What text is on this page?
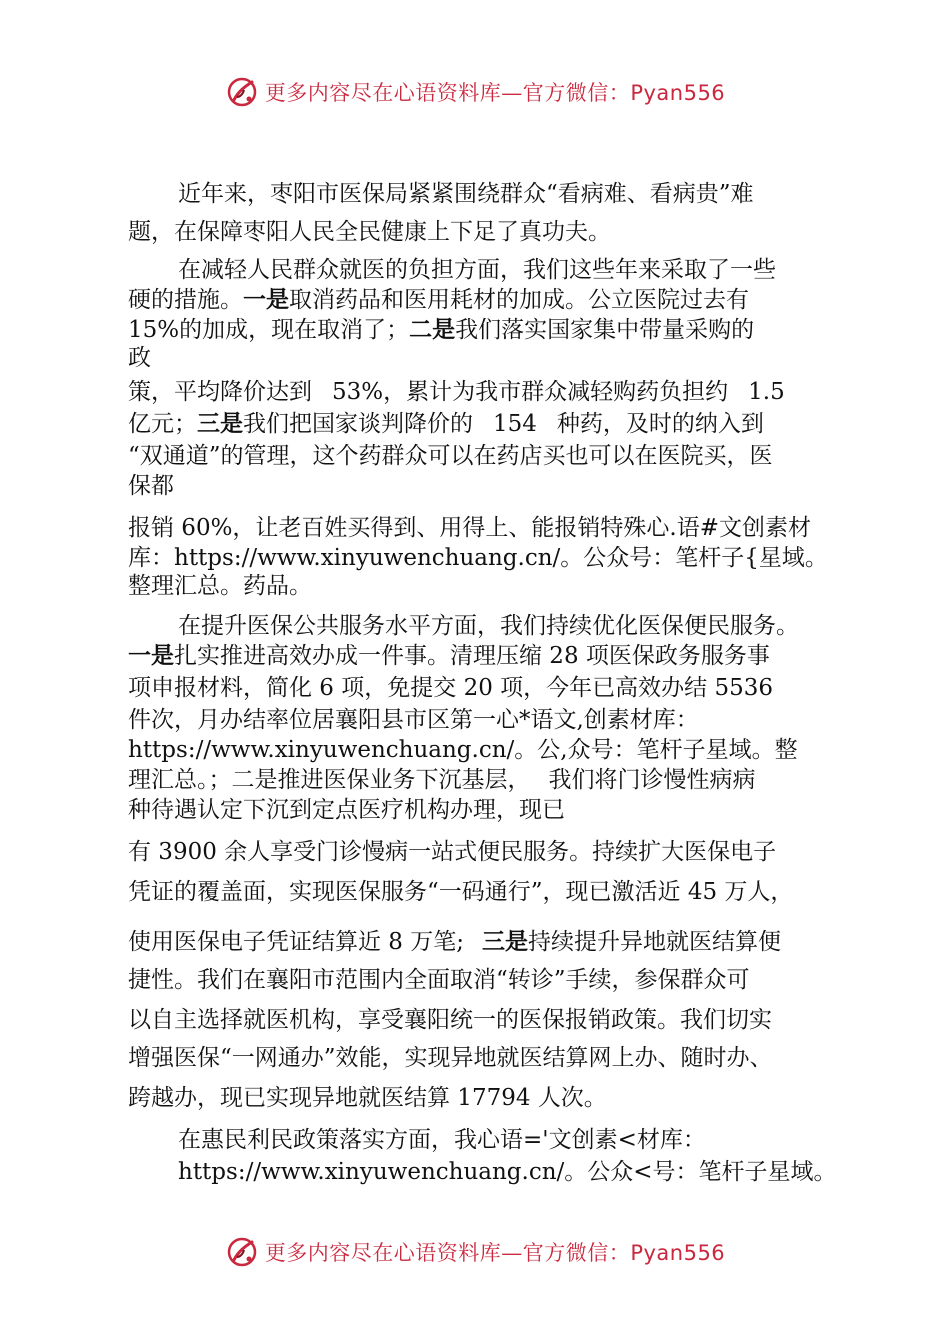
更多内容尽在心语资料库—官方微信：Pyan556
近年来，枣阳市医保局紧紧围绕群众“看病难、看病贵”难
题，在保障枣阳人民全民健康上下足了真功夫。
在减轻人民群众就医的负担方面，我们这些年来采取了一些
硬的措施。一是取消药品和医用耗材的加成。公立医院过去有
15%的加成，现在取消了；二是我们落实国家集中带量采购的
政
策，平均降价达到 53%，累计为我市群众减轻购药负担约 1.5
亿元；三是我们把国家谈判降价的 154 种药，及时的纳入到
“双通道”的管理，这个药群众可以在药店买也可以在医院买，医
保都
报销 60%，让老百姓买得到、用得上、能报销特殊心.语#文创素材
库：https://www.xinyuwenchuang.cn/。公众号：笔杆子{星域。
整理汇总。药品。
在提升医保公共服务水平方面，我们持续优化医保便民服务。
一是扎实推进高效办成一件事。清理压缩 28 项医保政务服务事
项申报材料，简化 6 项，免提交 20 项，今年已高效办结 5536
件次，月办结率位居襄阳县市区第一心*语文,创素材库：
https://www.xinyuwenchuang.cn/。公,众号：笔杆子星域。整
理汇总。；二是推进医保业务下沉基层， 我们将门诊慢性病病
种待遇认定下沉到定点医疗机构办理，现已
有 3900 余人享受门诊慢病一站式便民服务。持续扩大医保电子
凭证的覆盖面，实现医保服务“一码通行”，现已激活近 45 万人，
使用医保电子凭证结算近 8 万笔; 三是持续提升异地就医结算便
捷性。我们在襄阳市范围内全面取消“转诊”手续，参保群众可
以自主选择就医机构，享受襄阳统一的医保报销政策。我们切实
增强医保“一网通办”效能，实现异地就医结算网上办、随时办、
跨越办，现已实现异地就医结算 17794 人次。
在惠民利民政策落实方面，我心语='文创素<材库：
https://www.xinyuwenchuang.cn/。公众<号：笔杆子星域。
更多内容尽在心语资料库—官方微信：Pyan556
